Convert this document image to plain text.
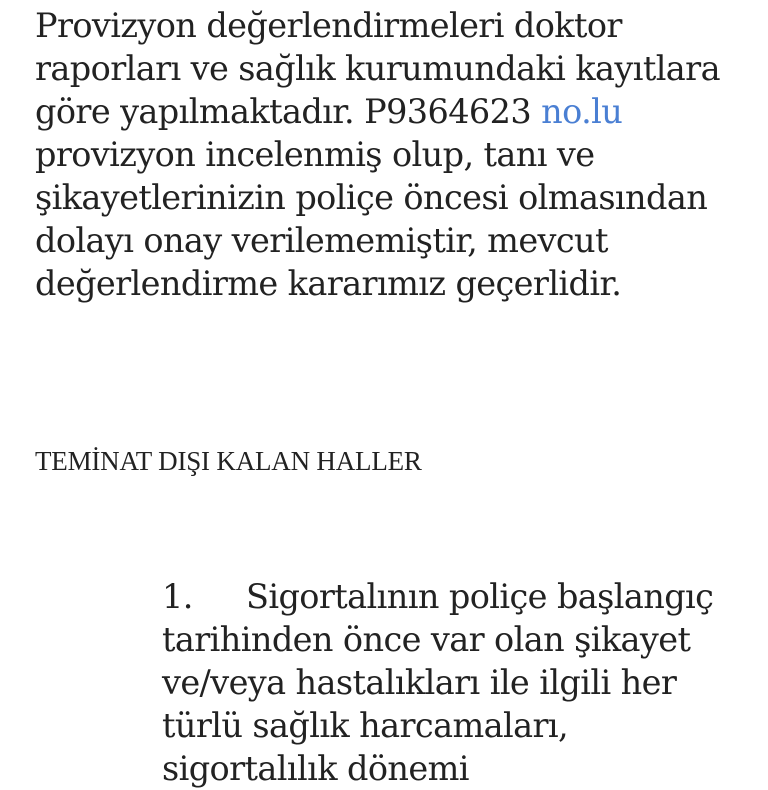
Provizyon değerlendirmeleri doktor raporları ve sağlık kurumundaki kayıtlara göre yapılmaktadır. P9364623 no.lu provizyon incelenmiş olup, tanı ve şikayetlerinizin poliçe öncesi olmasından dolayı onay verilememiştir, mevcut değerlendirme kararımız geçerlidir.

TEMİNAT DIŞI KALAN HALLER

1. Sigortalının poliçe başlangıç tarihinden önce var olan şikayet ve/veya hastalıkları ile ilgili her türlü sağlık harcamaları, sigortalılık dönemi
